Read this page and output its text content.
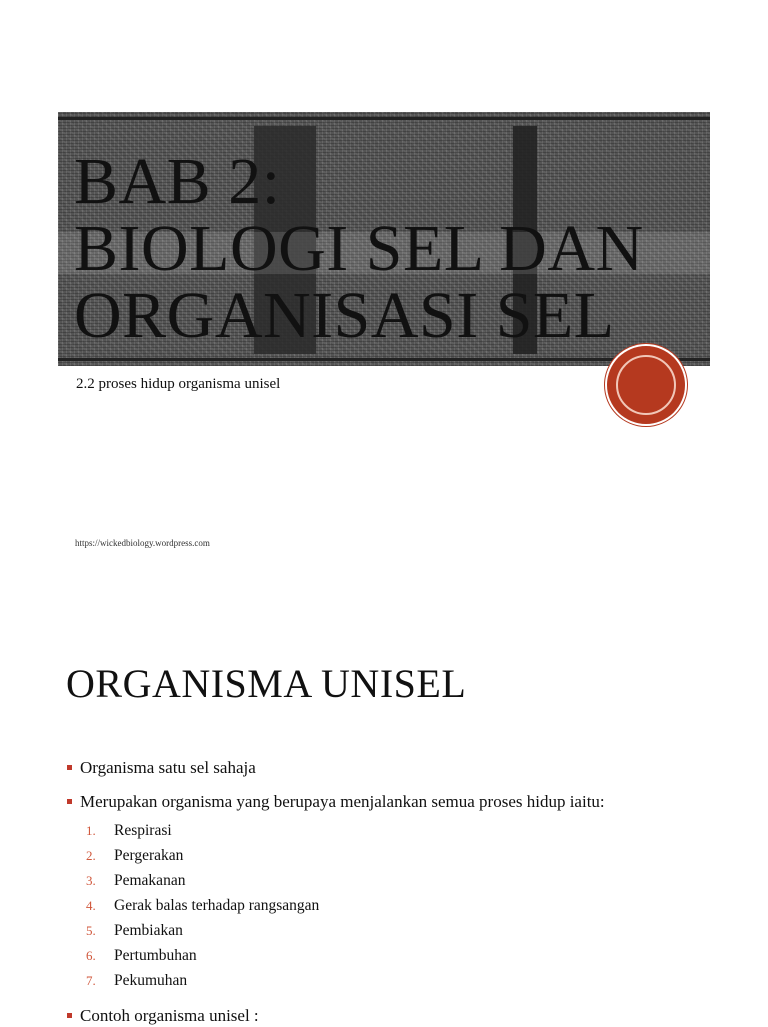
BAB 2:
BIOLOGI SEL DAN
ORGANISASI SEL
2.2 proses hidup organisma unisel
https://wickedbiology.wordpress.com
ORGANISMA UNISEL
Organisma satu sel sahaja
Merupakan organisma yang berupaya menjalankan semua proses hidup iaitu:
1.	Respirasi
2.	Pergerakan
3.	Pemakanan
4.	Gerak balas terhadap rangsangan
5.	Pembiakan
6.	Pertumbuhan
7.	Pekumuhan
Contoh organisma unisel :
